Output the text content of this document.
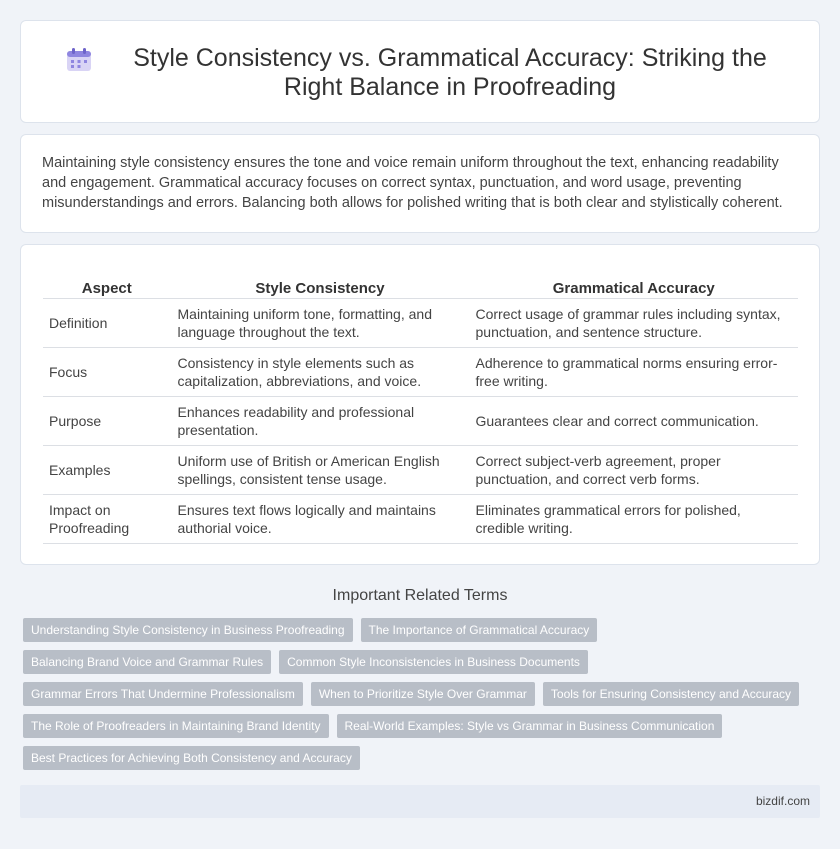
Style Consistency vs. Grammatical Accuracy: Striking the Right Balance in Proofreading

Maintaining style consistency ensures the tone and voice remain uniform throughout the text, enhancing readability and engagement. Grammatical accuracy focuses on correct syntax, punctuation, and word usage, preventing misunderstandings and errors. Balancing both allows for polished writing that is both clear and stylistically coherent.

Aspect	Style Consistency	Grammatical Accuracy
Definition	Maintaining uniform tone, formatting, and language throughout the text.	Correct usage of grammar rules including syntax, punctuation, and sentence structure.
Focus	Consistency in style elements such as capitalization, abbreviations, and voice.	Adherence to grammatical norms ensuring error-free writing.
Purpose	Enhances readability and professional presentation.	Guarantees clear and correct communication.
Examples	Uniform use of British or American English spellings, consistent tense usage.	Correct subject-verb agreement, proper punctuation, and correct verb forms.
Impact on Proofreading	Ensures text flows logically and maintains authorial voice.	Eliminates grammatical errors for polished, credible writing.
Important Related Terms
Understanding Style Consistency in Business Proofreading	The Importance of Grammatical Accuracy
Balancing Brand Voice and Grammar Rules	Common Style Inconsistencies in Business Documents
Grammar Errors That Undermine Professionalism	When to Prioritize Style Over Grammar	Tools for Ensuring Consistency and Accuracy
The Role of Proofreaders in Maintaining Brand Identity	Real-World Examples: Style vs Grammar in Business Communication
Best Practices for Achieving Both Consistency and Accuracy
bizdif.com
